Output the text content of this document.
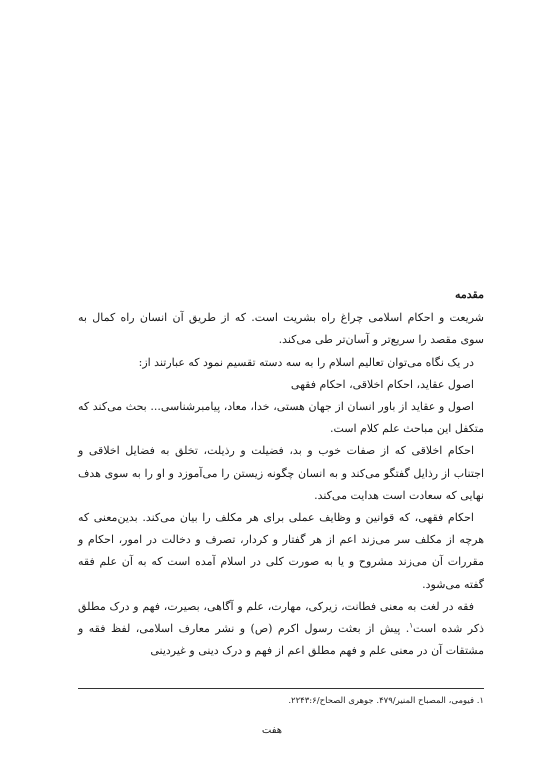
مقدمه

شریعت و احکام اسلامی چراغ راه بشریت است. که از طریق آن انسان راه کمال به سوی مقصد را سریع‌تر و آسان‌تر طی می‌کند.

در یک نگاه می‌توان تعالیم اسلام را به سه دسته تقسیم نمود که عبارتند از:

اصول عقاید، احکام اخلاقی، احکام فقهی

اصول و عقاید از باور انسان از جهان هستی، خدا، معاد، پیامبرشناسی... بحث می‌کند که متکفل این مباحث علم کلام است.

احکام اخلاقی که از صفات خوب و بد، فضیلت و رذیلت، تخلق به فضایل اخلاقی و اجتناب از رذایل گفتگو می‌کند و به انسان چگونه زیستن را می‌آموزد و او را به سوی هدف نهایی که سعادت است هدایت می‌کند.

احکام فقهی، که قوانین و وظایف عملی برای هر مکلف را بیان می‌کند. بدین‌معنی که هرچه از مکلف سر می‌زند اعم از هر گفتار و کردار، تصرف و دخالت در امور، احکام و مقررات آن می‌زند مشروح و یا به صورت کلی در اسلام آمده است که به آن علم فقه گفته می‌شود.

فقه در لغت به معنی فطانت، زیرکی، مهارت، علم و آگاهی، بصیرت، فهم و درک مطلق ذکر شده است$^۱$. پیش از بعثت رسول اکرم (ص) و نشر معارف اسلامی، لفظ فقه و مشتقات آن در معنی علم و فهم مطلق اعم از فهم و درک دینی و غیردینی

۱. فیومی، المصباح المنیر/۴۷۹. جوهری الصحاح/۲۲۴۳:۶.
هفت
